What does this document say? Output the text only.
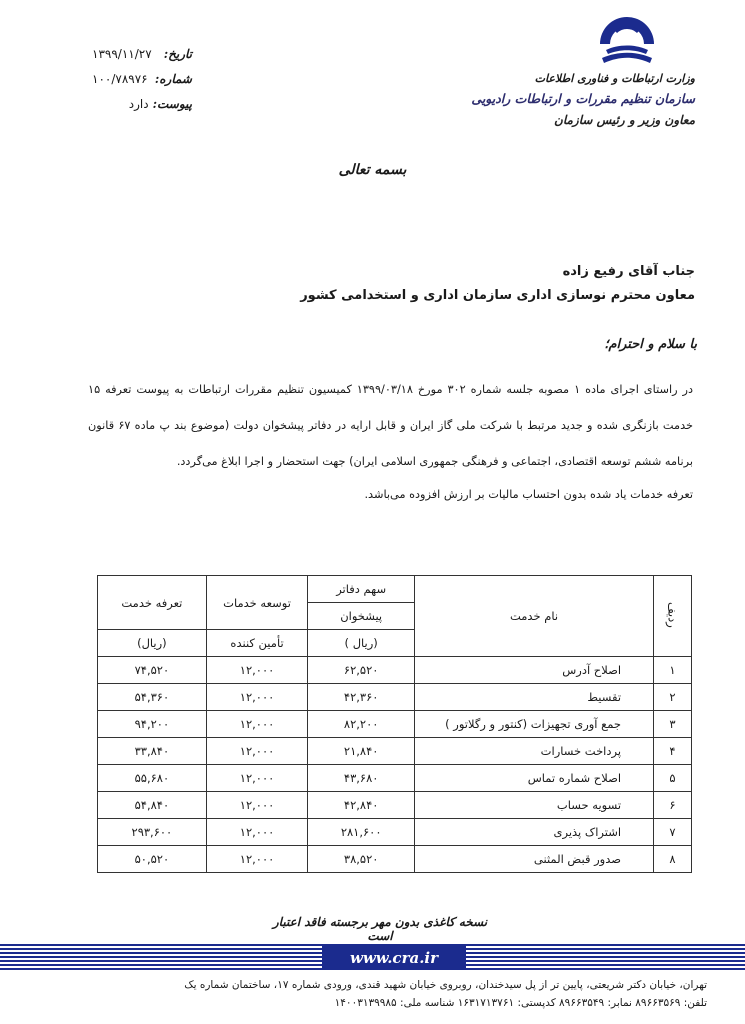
وزارت ارتباطات و فناوری اطلاعات
سازمان تنظیم مقررات و ارتباطات رادیویی
معاون وزیر و رئیس سازمان
تاریخ:
۱۳۹۹/۱۱/۲۷
شماره:
۱۰۰/۷۸۹۷۶
پیوست:
دارد
بسمه تعالی
جناب آقای رفیع زاده
معاون محترم نوسازی اداری سازمان اداری و استخدامی کشور
با سلام و احترام؛

در راستای اجرای ماده ۱ مصوبه جلسه شماره ۳۰۲ مورخ ۱۳۹۹/۰۳/۱۸ کمیسیون تنظیم مقررات ارتباطات به پیوست تعرفه ۱۵ خدمت بازنگری شده و جدید مرتبط با شرکت ملی گاز ایران و قابل ارایه در دفاتر پیشخوان دولت (موضوع بند پ ماده ۶۷ قانون برنامه ششم توسعه اقتصادی، اجتماعی و فرهنگی جمهوری اسلامی ایران) جهت استحضار و اجرا ابلاغ می‌گردد.

تعرفه خدمات یاد شده بدون احتساب مالیات بر ارزش افزوده می‌باشد.

ردیف	نام خدمت	سهم دفاتر	توسعه خدمات	تعرفه خدمت
		پیشخوان		
		(ریال )	تأمین کننده	(ریال)
۱	اصلاح آدرس	۶۲,۵۲۰	۱۲,۰۰۰	۷۴,۵۲۰
۲	تقسیط	۴۲,۳۶۰	۱۲,۰۰۰	۵۴,۳۶۰
۳	جمع آوری تجهیزات (کنتور و رگلاتور )	۸۲,۲۰۰	۱۲,۰۰۰	۹۴,۲۰۰
۴	پرداخت خسارات	۲۱,۸۴۰	۱۲,۰۰۰	۳۳,۸۴۰
۵	اصلاح شماره تماس	۴۳,۶۸۰	۱۲,۰۰۰	۵۵,۶۸۰
۶	تسویه حساب	۴۲,۸۴۰	۱۲,۰۰۰	۵۴,۸۴۰
۷	اشتراک پذیری	۲۸۱,۶۰۰	۱۲,۰۰۰	۲۹۳,۶۰۰
۸	صدور قبض المثنی	۳۸,۵۲۰	۱۲,۰۰۰	۵۰,۵۲۰
نسخه کاغذی بدون مهر برجسته فاقد اعتبار است
www.cra.ir
تهران، خیابان دکتر شریعتی، پایین تر از پل سیدخندان، روبروی خیابان شهید قندی، ورودی شماره ۱۷، ساختمان شماره یک
تلفن: ۸۹۶۶۳۵۶۹ نمابر: ۸۹۶۶۳۵۴۹ کدپستی: ۱۶۳۱۷۱۳۷۶۱ شناسه ملی: ۱۴۰۰۳۱۳۹۹۸۵
